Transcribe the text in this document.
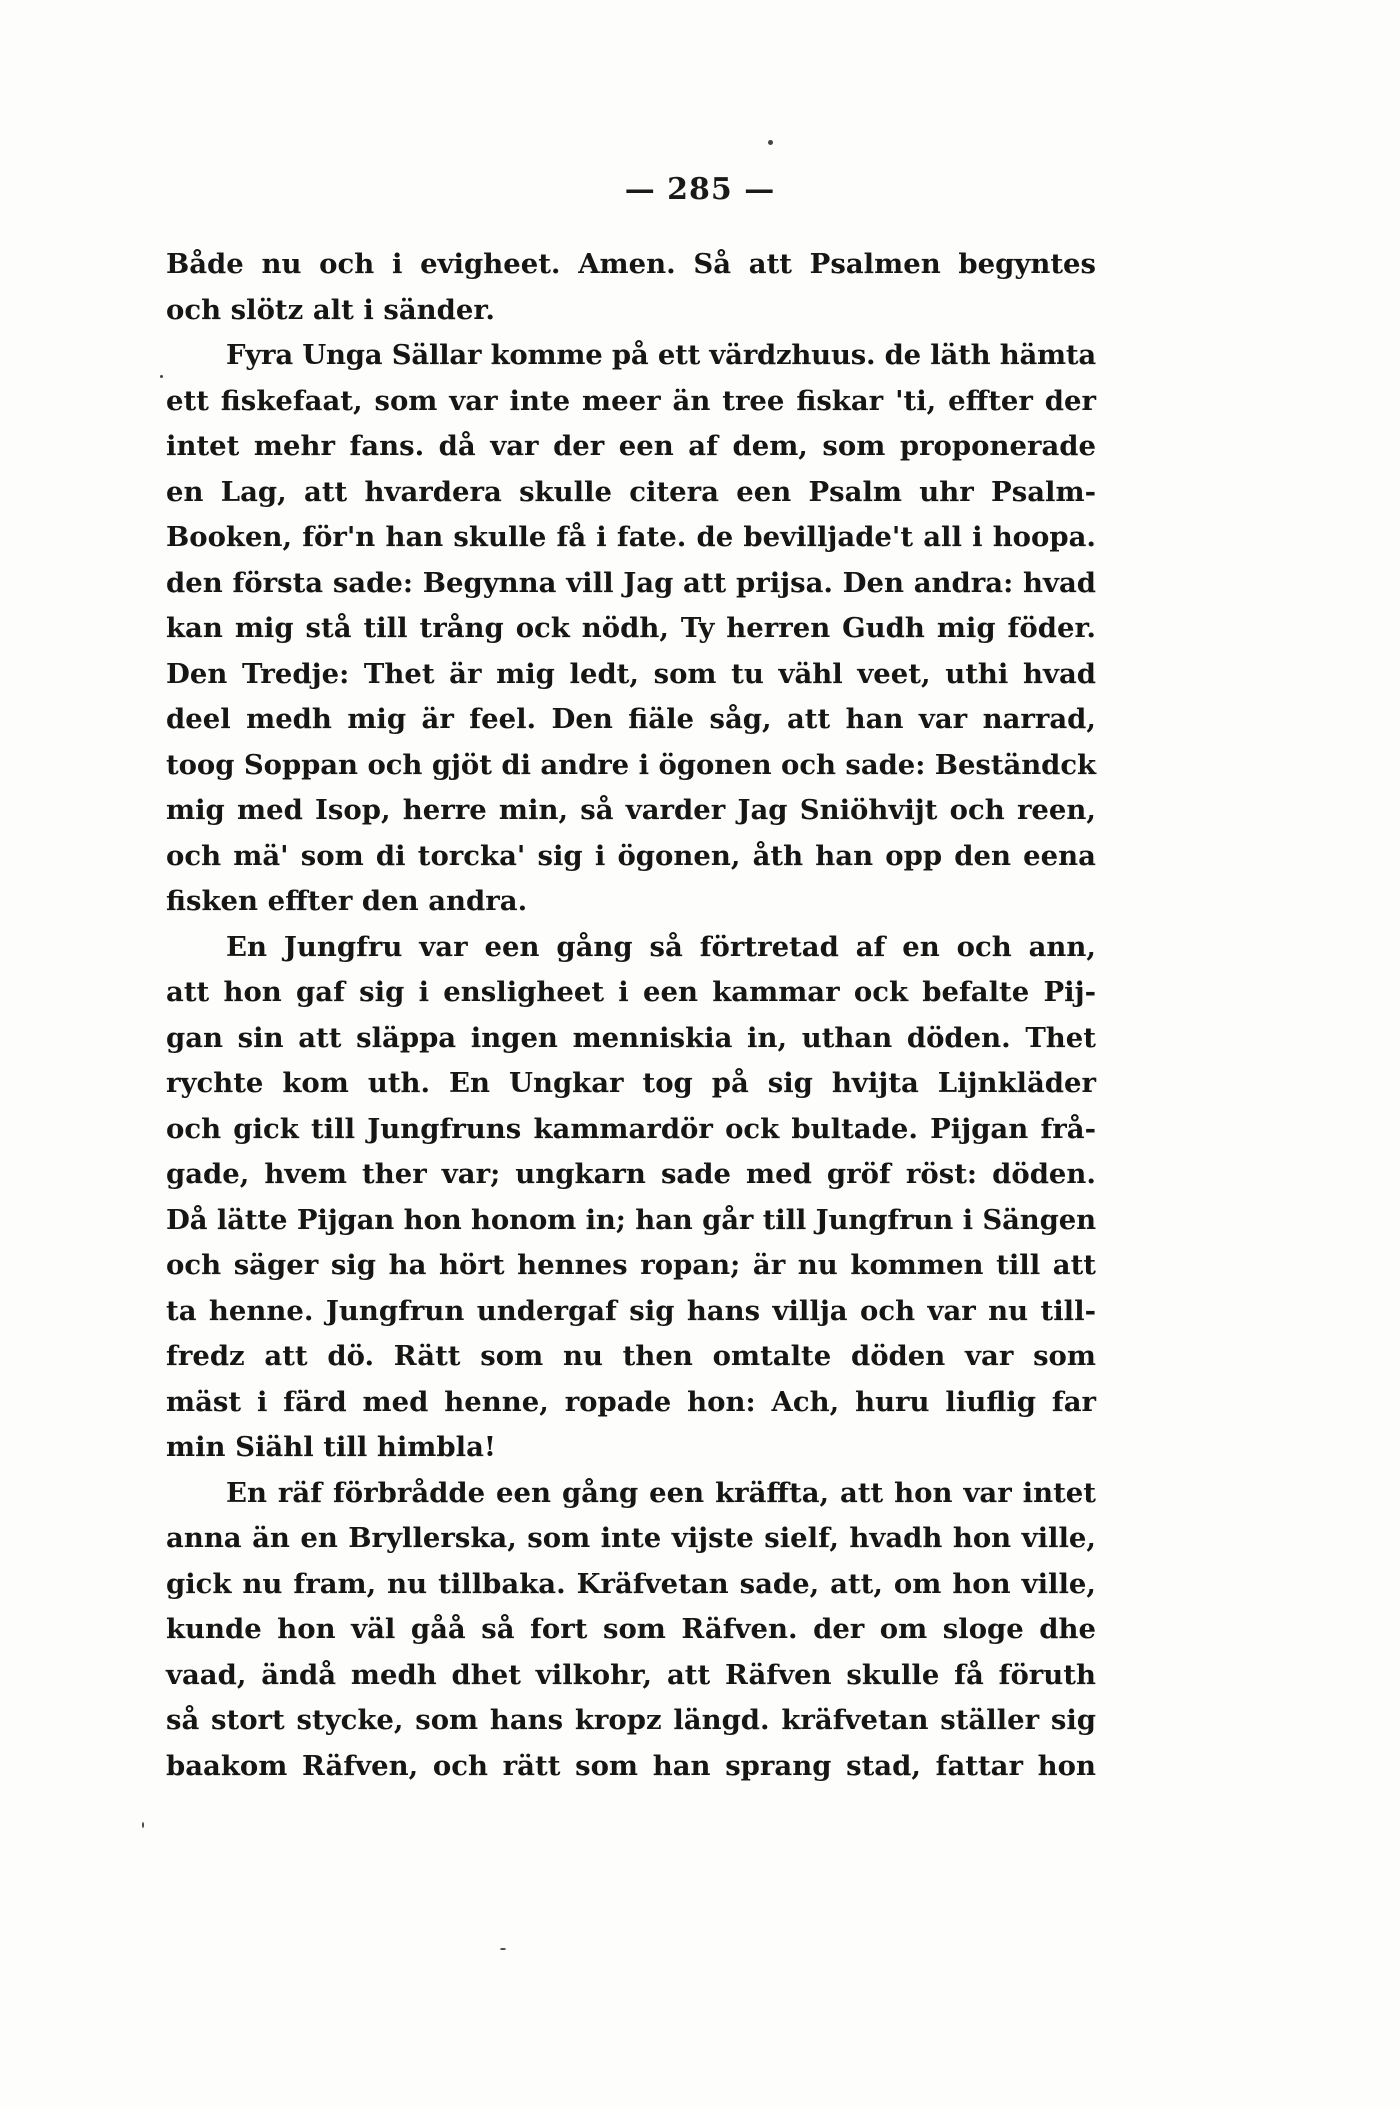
— 285 —
Både nu och i evigheet. Amen. Så att Psalmen begyntes
och slötz alt i sänder.
Fyra Unga Sällar komme på ett värdzhuus. de läth hämta
ett fiskefaat, som var inte meer än tree fiskar 'ti, effter der
intet mehr fans. då var der een af dem, som proponerade
en Lag, att hvardera skulle citera een Psalm uhr Psalm-
Booken, för'n han skulle få i fate. de bevilljade't all i hoopa.
den första sade: Begynna vill Jag att prijsa. Den andra: hvad
kan mig stå till trång ock nödh, Ty herren Gudh mig föder.
Den Tredje: Thet är mig ledt, som tu vähl veet, uthi hvad
deel medh mig är feel. Den fiäle såg, att han var narrad,
toog Soppan och gjöt di andre i ögonen och sade: Beständck
mig med Isop, herre min, så varder Jag Sniöhvijt och reen,
och mä' som di torcka' sig i ögonen, åth han opp den eena
fisken effter den andra.
En Jungfru var een gång så förtretad af en och ann,
att hon gaf sig i ensligheet i een kammar ock befalte Pij-
gan sin att släppa ingen menniskia in, uthan döden. Thet
rychte kom uth. En Ungkar tog på sig hvijta Lijnkläder
och gick till Jungfruns kammardör ock bultade. Pijgan frå-
gade, hvem ther var; ungkarn sade med gröf röst: döden.
Då lätte Pijgan hon honom in; han går till Jungfrun i Sängen
och säger sig ha hört hennes ropan; är nu kommen till att
ta henne. Jungfrun undergaf sig hans villja och var nu till-
fredz att dö. Rätt som nu then omtalte döden var som
mäst i färd med henne, ropade hon: Ach, huru liuflig far
min Siähl till himbla!
En räf förbrådde een gång een kräffta, att hon var intet
anna än en Bryllerska, som inte vijste sielf, hvadh hon ville,
gick nu fram, nu tillbaka. Kräfvetan sade, att, om hon ville,
kunde hon väl gåå så fort som Räfven. der om sloge dhe
vaad, ändå medh dhet vilkohr, att Räfven skulle få föruth
så stort stycke, som hans kropz längd. kräfvetan ställer sig
baakom Räfven, och rätt som han sprang stad, fattar hon
